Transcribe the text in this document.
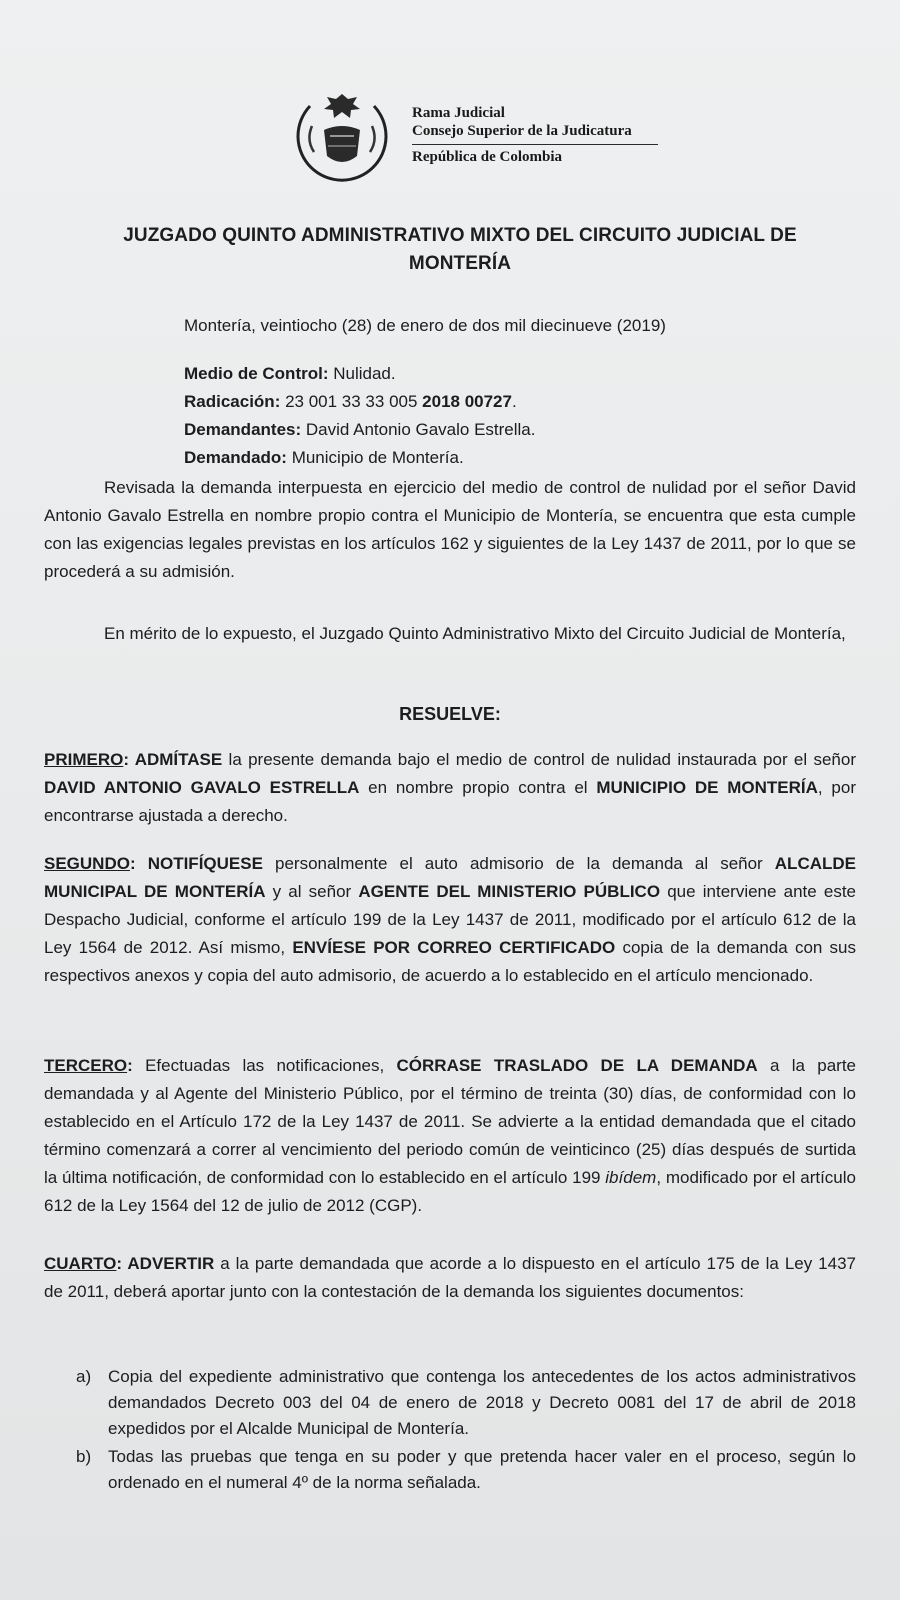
Rama Judicial
Consejo Superior de la Judicatura
República de Colombia
JUZGADO QUINTO ADMINISTRATIVO MIXTO DEL CIRCUITO JUDICIAL DE
MONTERÍA
Montería, veintiocho (28) de enero de dos mil diecinueve (2019)
Medio de Control: Nulidad.
Radicación: 23 001 33 33 005 2018 00727.
Demandantes: David Antonio Gavalo Estrella.
Demandado: Municipio de Montería.

Revisada la demanda interpuesta en ejercicio del medio de control de nulidad por el señor David Antonio Gavalo Estrella en nombre propio contra el Municipio de Montería, se encuentra que esta cumple con las exigencias legales previstas en los artículos 162 y siguientes de la Ley 1437 de 2011, por lo que se procederá a su admisión.

En mérito de lo expuesto, el Juzgado Quinto Administrativo Mixto del Circuito Judicial de Montería,

RESUELVE:

PRIMERO: ADMÍTASE la presente demanda bajo el medio de control de nulidad instaurada por el señor DAVID ANTONIO GAVALO ESTRELLA en nombre propio contra el MUNICIPIO DE MONTERÍA, por encontrarse ajustada a derecho.

SEGUNDO: NOTIFÍQUESE personalmente el auto admisorio de la demanda al señor ALCALDE MUNICIPAL DE MONTERÍA y al señor AGENTE DEL MINISTERIO PÚBLICO que interviene ante este Despacho Judicial, conforme el artículo 199 de la Ley 1437 de 2011, modificado por el artículo 612 de la Ley 1564 de 2012. Así mismo, ENVÍESE POR CORREO CERTIFICADO copia de la demanda con sus respectivos anexos y copia del auto admisorio, de acuerdo a lo establecido en el artículo mencionado.

TERCERO: Efectuadas las notificaciones, CÓRRASE TRASLADO DE LA DEMANDA a la parte demandada y al Agente del Ministerio Público, por el término de treinta (30) días, de conformidad con lo establecido en el Artículo 172 de la Ley 1437 de 2011. Se advierte a la entidad demandada que el citado término comenzará a correr al vencimiento del periodo común de veinticinco (25) días después de surtida la última notificación, de conformidad con lo establecido en el artículo 199 ibídem, modificado por el artículo 612 de la Ley 1564 del 12 de julio de 2012 (CGP).

CUARTO: ADVERTIR a la parte demandada que acorde a lo dispuesto en el artículo 175 de la Ley 1437 de 2011, deberá aportar junto con la contestación de la demanda los siguientes documentos:

a) Copia del expediente administrativo que contenga los antecedentes de los actos administrativos demandados Decreto 003 del 04 de enero de 2018 y Decreto 0081 del 17 de abril de 2018 expedidos por el Alcalde Municipal de Montería.
b) Todas las pruebas que tenga en su poder y que pretenda hacer valer en el proceso, según lo ordenado en el numeral 4º de la norma señalada.
